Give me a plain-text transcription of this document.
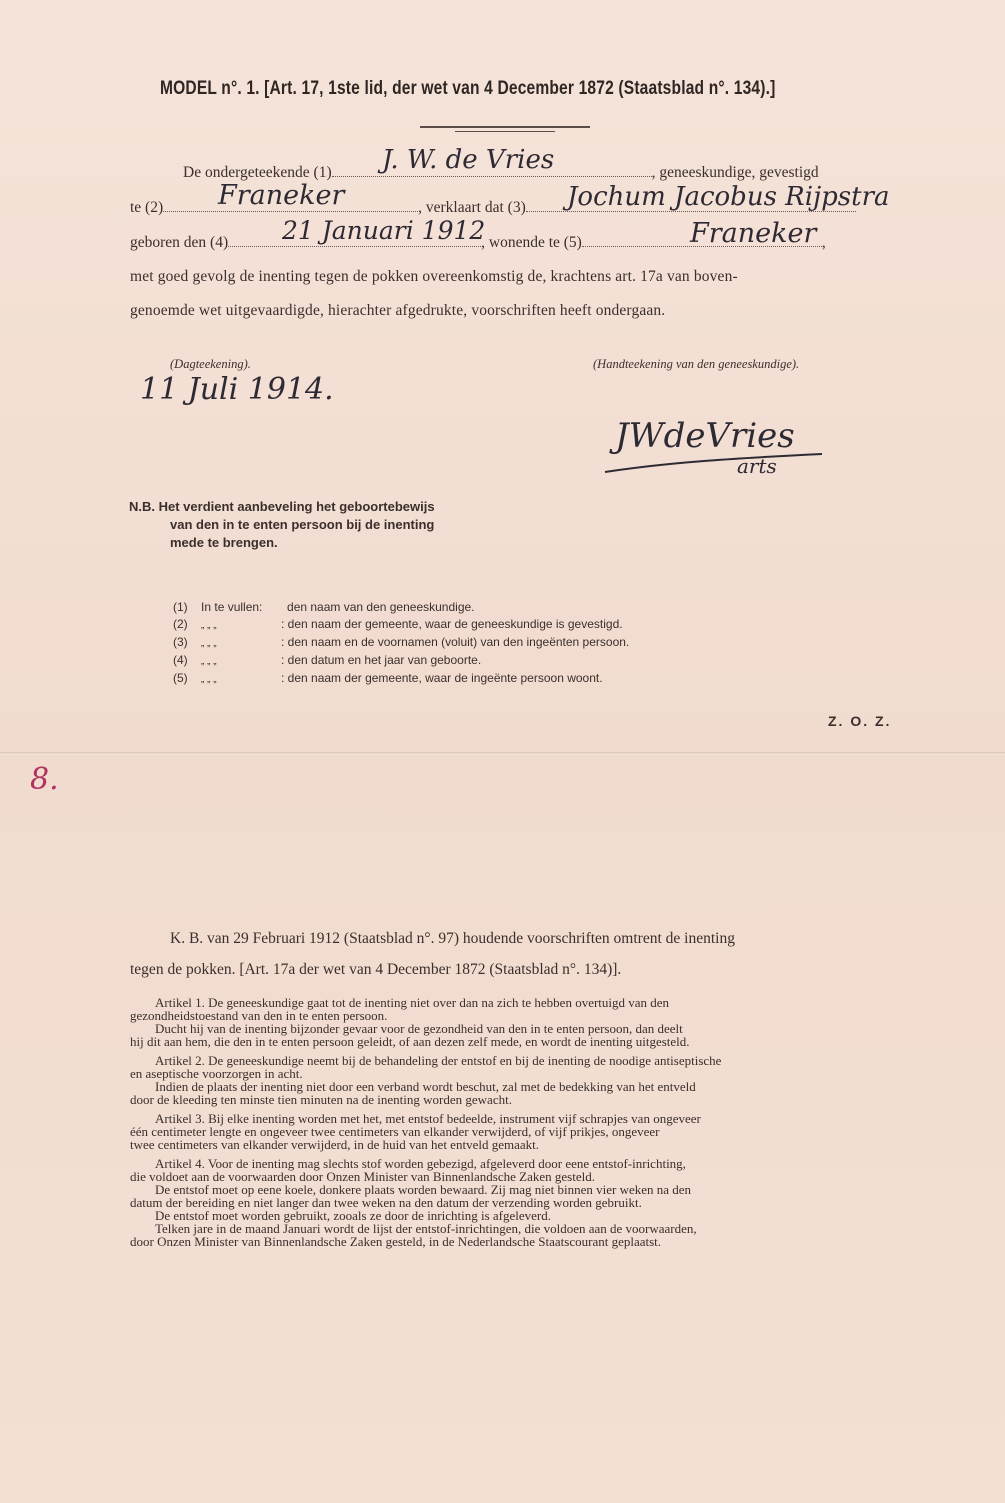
MODEL n°. 1. [Art. 17, 1ste lid, der wet van 4 December 1872 (Staatsblad n°. 134).]
De ondergeteekende (1)	, geneeskundige, gevestigd
J. W. de Vries
te (2)	, verklaart dat (3)
Franeker	Jochum Jacobus Rijpstra
geboren den (4)	, wonende te (5)	,
21 Januari 1912	Franeker
met goed gevolg de inenting tegen de pokken overeenkomstig de, krachtens art. 17a van boven-
genoemde wet uitgevaardigde, hierachter afgedrukte, voorschriften heeft ondergaan.
(Dagteekening).
11 Juli 1914.
(Handteekening van den geneeskundige).
JWdeVries
arts
N.B. Het verdient aanbeveling het geboortebewijs
van den in te enten persoon bij de inenting
mede te brengen.
(1) In te vullen: den naam van den geneeskundige.
(2) „ „ „	: den naam der gemeente, waar de geneeskundige is gevestigd.
(3) „ „ „	: den naam en de voornamen (voluit) van den ingeënten persoon.
(4) „ „ „	: den datum en het jaar van geboorte.
(5) „ „ „	: den naam der gemeente, waar de ingeënte persoon woont.
Z. O. Z.
8.
K. B. van 29 Februari 1912 (Staatsblad n°. 97) houdende voorschriften omtrent de inenting
tegen de pokken. [Art. 17a der wet van 4 December 1872 (Staatsblad n°. 134)].
Artikel 1. De geneeskundige gaat tot de inenting niet over dan na zich te hebben overtuigd van den
gezondheidstoestand van den in te enten persoon.
Ducht hij van de inenting bijzonder gevaar voor de gezondheid van den in te enten persoon, dan deelt
hij dit aan hem, die den in te enten persoon geleidt, of aan dezen zelf mede, en wordt de inenting uitgesteld.
Artikel 2. De geneeskundige neemt bij de behandeling der entstof en bij de inenting de noodige antiseptische
en aseptische voorzorgen in acht.
Indien de plaats der inenting niet door een verband wordt beschut, zal met de bedekking van het entveld
door de kleeding ten minste tien minuten na de inenting worden gewacht.
Artikel 3. Bij elke inenting worden met het, met entstof bedeelde, instrument vijf schrapjes van ongeveer
één centimeter lengte en ongeveer twee centimeters van elkander verwijderd, of vijf prikjes, ongeveer
twee centimeters van elkander verwijderd, in de huid van het entveld gemaakt.
Artikel 4. Voor de inenting mag slechts stof worden gebezigd, afgeleverd door eene entstof-inrichting,
die voldoet aan de voorwaarden door Onzen Minister van Binnenlandsche Zaken gesteld.
De entstof moet op eene koele, donkere plaats worden bewaard. Zij mag niet binnen vier weken na den
datum der bereiding en niet langer dan twee weken na den datum der verzending worden gebruikt.
De entstof moet worden gebruikt, zooals ze door de inrichting is afgeleverd.
Telken jare in de maand Januari wordt de lijst der entstof-inrichtingen, die voldoen aan de voorwaarden,
door Onzen Minister van Binnenlandsche Zaken gesteld, in de Nederlandsche Staatscourant geplaatst.
